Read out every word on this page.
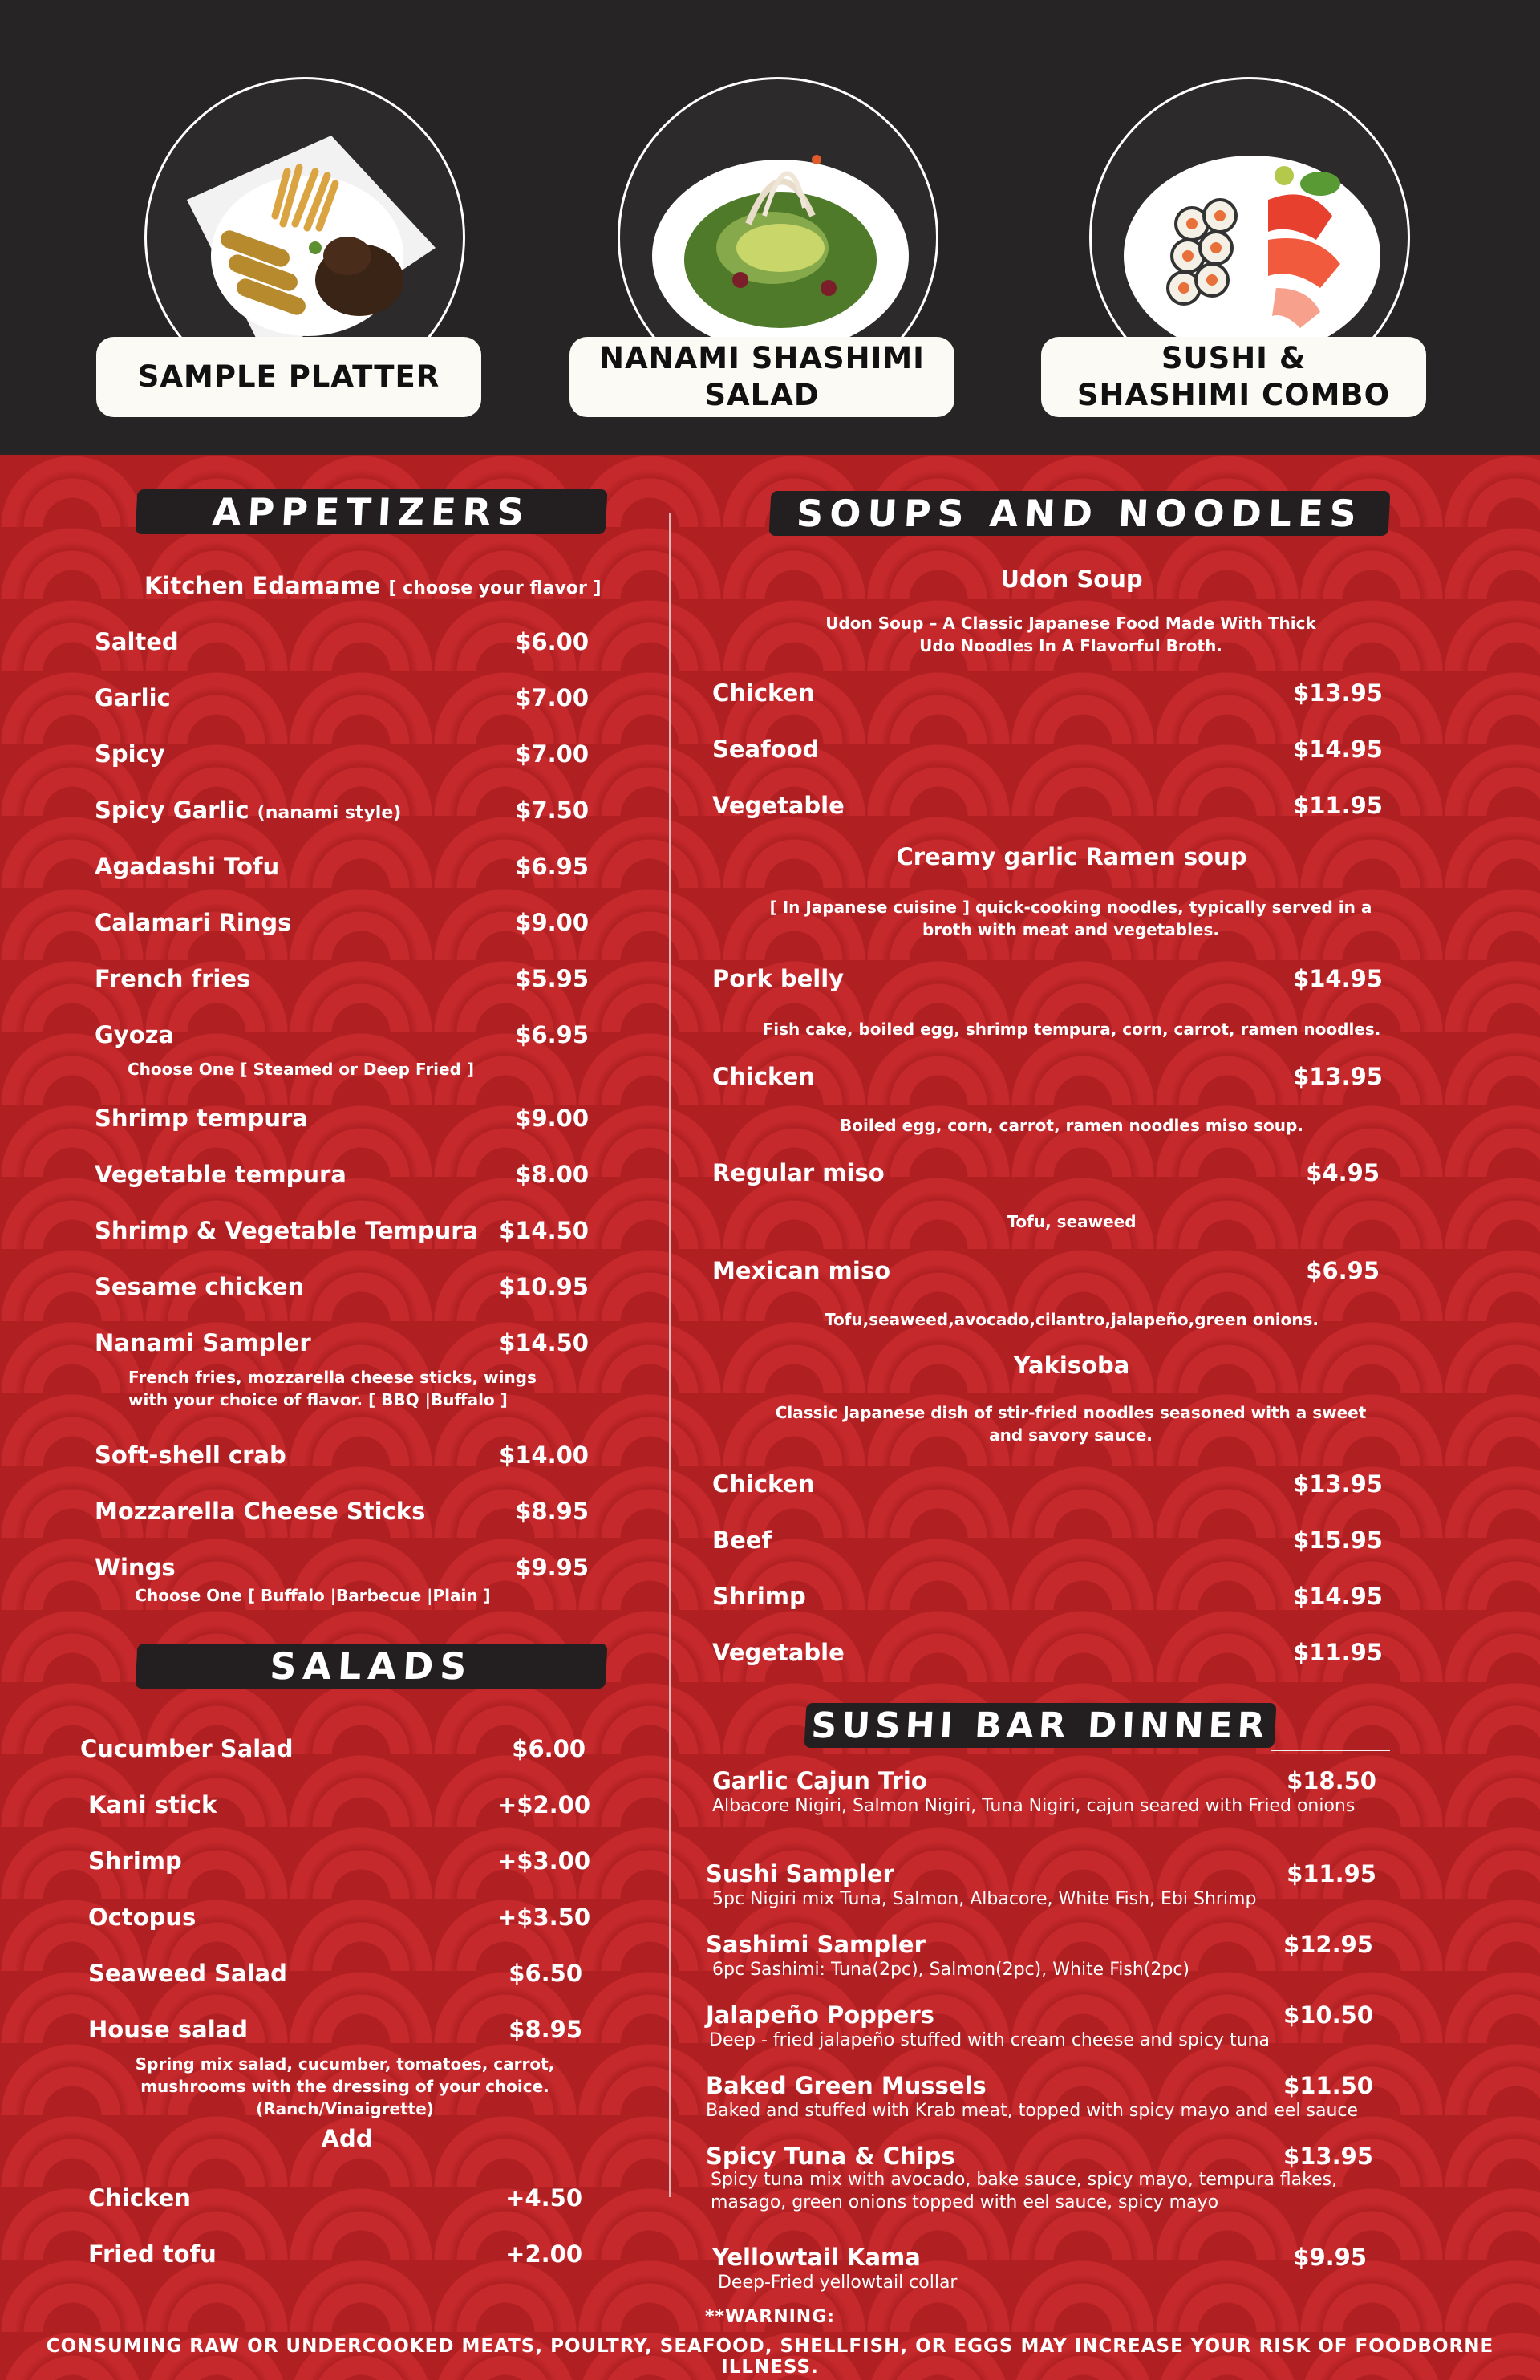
SAMPLE PLATTER
NANAMI SHASHIMI
SALAD
SUSHI &
SHASHIMI COMBO
APPETIZERS
Kitchen Edamame [ choose your flavor ]
Salted	$6.00
Garlic	$7.00
Spicy	$7.00
Spicy Garlic (nanami style)	$7.50
Agadashi Tofu	$6.95
Calamari Rings	$9.00
French fries	$5.95
Gyoza	$6.95
Choose One [ Steamed or Deep Fried ]
Shrimp tempura	$9.00
Vegetable tempura	$8.00
Shrimp & Vegetable Tempura $14.50
Sesame chicken	$10.95
Nanami Sampler	$14.50
French fries, mozzarella cheese sticks, wings with your choice of flavor. [ BBQ |Buffalo ]
Soft-shell crab	$14.00
Mozzarella Cheese Sticks	$8.95
Wings	$9.95
Choose One [ Buffalo |Barbecue |Plain ]
SALADS
Cucumber Salad	$6.00
Kani stick	+$2.00
Shrimp	+$3.00
Octopus	+$3.50
Seaweed Salad	$6.50
House salad	$8.95
Spring mix salad, cucumber, tomatoes, carrot, mushrooms with the dressing of your choice. (Ranch/Vinaigrette)
Add
Chicken	+4.50
Fried tofu	+2.00
SOUPS AND NOODLES
Udon Soup
Udon Soup – A Classic Japanese Food Made With Thick Udo Noodles In A Flavorful Broth.
Chicken	$13.95
Seafood	$14.95
Vegetable	$11.95
Creamy garlic Ramen soup
[ In Japanese cuisine ] quick-cooking noodles, typically served in a broth with meat and vegetables.
Pork belly	$14.95
Fish cake, boiled egg, shrimp tempura, corn, carrot, ramen noodles.
Chicken	$13.95
Boiled egg, corn, carrot, ramen noodles miso soup.
Regular miso	$4.95
Tofu, seaweed
Mexican miso	$6.95
Tofu,seaweed,avocado,cilantro,jalapeño,green onions.
Yakisoba
Classic Japanese dish of stir-fried noodles seasoned with a sweet and savory sauce.
Chicken	$13.95
Beef	$15.95
Shrimp	$14.95
Vegetable	$11.95
SUSHI BAR DINNER
Garlic Cajun Trio	$18.50
Albacore Nigiri, Salmon Nigiri, Tuna Nigiri, cajun seared with Fried onions
Sushi Sampler	$11.95
5pc Nigiri mix Tuna, Salmon, Albacore, White Fish, Ebi Shrimp
Sashimi Sampler	$12.95
6pc Sashimi: Tuna(2pc), Salmon(2pc), White Fish(2pc)
Jalapeño Poppers	$10.50
Deep - fried jalapeño stuffed with cream cheese and spicy tuna
Baked Green Mussels	$11.50
Baked and stuffed with Krab meat, topped with spicy mayo and eel sauce
Spicy Tuna & Chips	$13.95
Spicy tuna mix with avocado, bake sauce, spicy mayo, tempura flakes,
masago, green onions topped with eel sauce, spicy mayo
Yellowtail Kama	$9.95
Deep-Fried yellowtail collar
**WARNING:
CONSUMING RAW OR UNDERCOOKED MEATS, POULTRY, SEAFOOD, SHELLFISH, OR EGGS MAY INCREASE YOUR RISK OF FOODBORNE ILLNESS.
